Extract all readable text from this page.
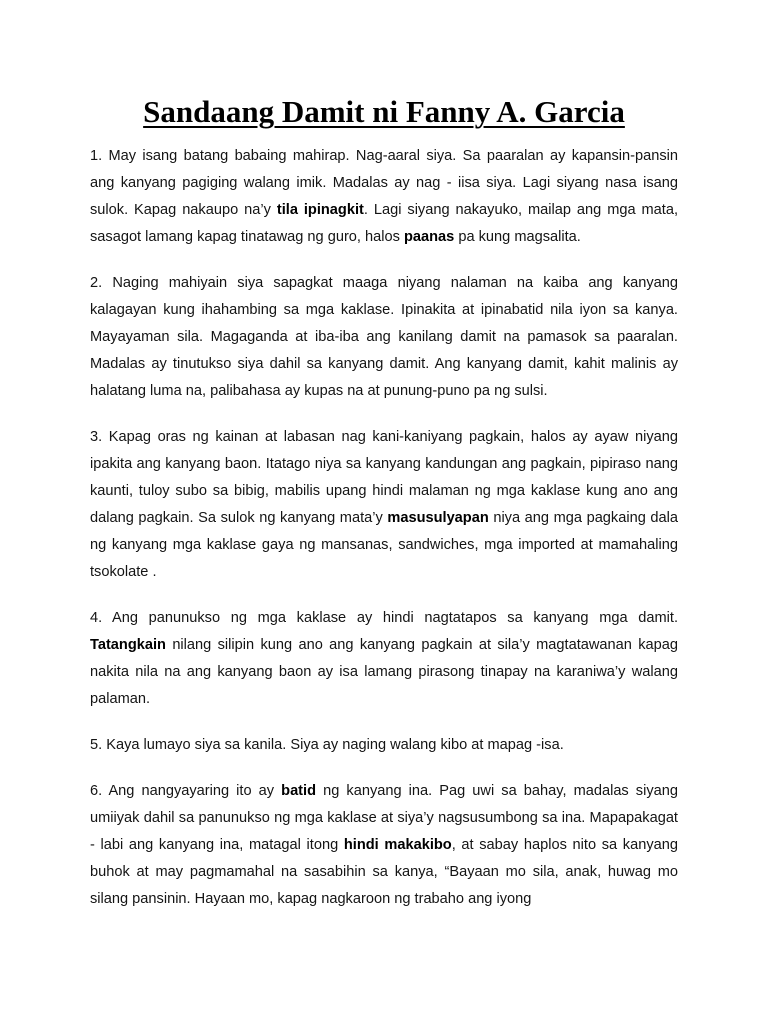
Sandaang Damit ni Fanny A. Garcia

1. May isang batang babaing mahirap. Nag-aaral siya. Sa paaralan ay kapansin-pansin ang kanyang pagiging walang imik. Madalas ay nag - iisa siya. Lagi siyang nasa isang sulok. Kapag nakaupo na’y tila ipinagkit. Lagi siyang nakayuko, mailap ang mga mata, sasagot lamang kapag tinatawag ng guro, halos paanas pa kung magsalita.

2. Naging mahiyain siya sapagkat maaga niyang nalaman na kaiba ang kanyang kalagayan kung ihahambing sa mga kaklase. Ipinakita at ipinabatid nila iyon sa kanya. Mayayaman sila. Magaganda at iba-iba ang kanilang damit na pamasok sa paaralan. Madalas ay tinutukso siya dahil sa kanyang damit. Ang kanyang damit, kahit malinis ay halatang luma na, palibahasa ay kupas na at punung-puno pa ng sulsi.

3. Kapag oras ng kainan at labasan nag kani-kaniyang pagkain, halos ay ayaw niyang ipakita ang kanyang baon. Itatago niya sa kanyang kandungan ang pagkain, pipiraso nang kaunti, tuloy subo sa bibig, mabilis upang hindi malaman ng mga kaklase kung ano ang dalang pagkain. Sa sulok ng kanyang mata’y masusulyapan niya ang mga pagkaing dala ng kanyang mga kaklase gaya ng mansanas, sandwiches, mga imported at mamahaling tsokolate .

4. Ang panunukso ng mga kaklase ay hindi nagtatapos sa kanyang mga damit. Tatangkain nilang silipin kung ano ang kanyang pagkain at sila’y magtatawanan kapag nakita nila na ang kanyang baon ay isa lamang pirasong tinapay na karaniwa’y walang palaman.

5. Kaya lumayo siya sa kanila. Siya ay naging walang kibo at mapag -isa.

6. Ang nangyayaring ito ay batid ng kanyang ina. Pag uwi sa bahay, madalas siyang umiiyak dahil sa panunukso ng mga kaklase at siya’y nagsusumbong sa ina. Mapapakagat - labi ang kanyang ina, matagal itong hindi makakibo, at sabay haplos nito sa kanyang buhok at may pagmamahal na sasabihin sa kanya, “Bayaan mo sila, anak, huwag mo silang pansinin. Hayaan mo, kapag nagkaroon ng trabaho ang iyong
